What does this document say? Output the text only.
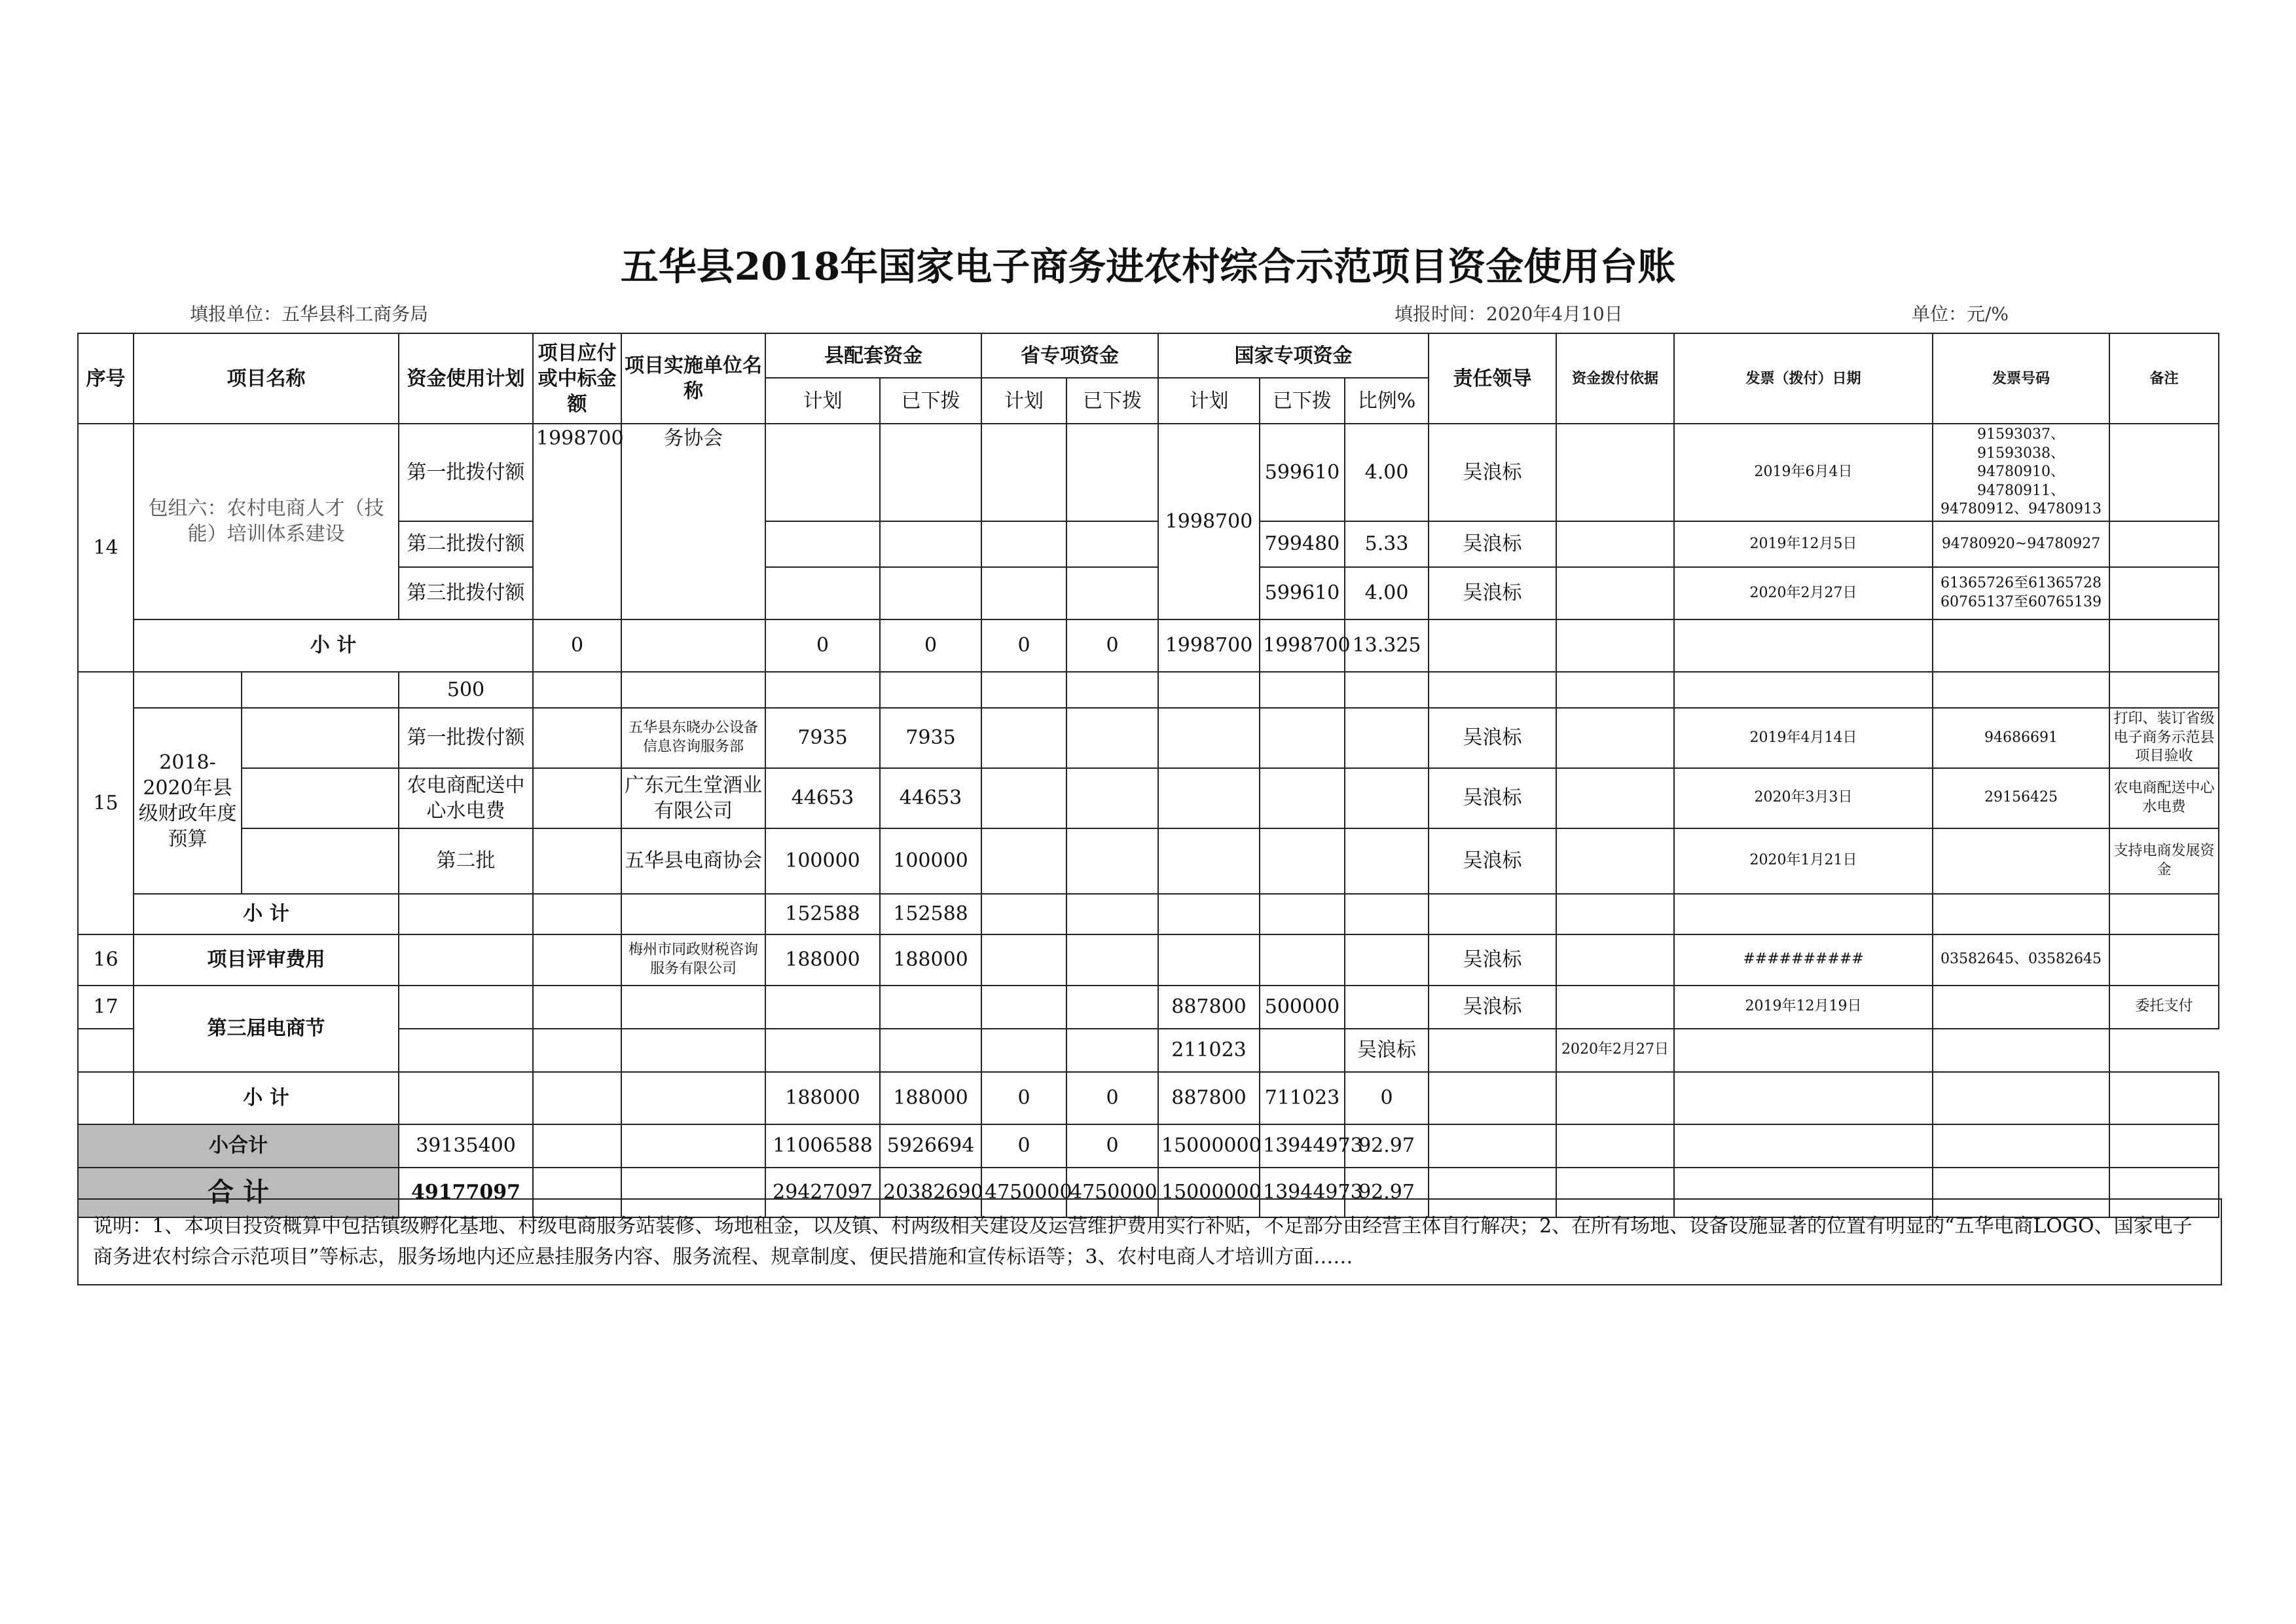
五华县2018年国家电子商务进农村综合示范项目资金使用台账
填报单位：五华县科工商务局	填报时间：2020年4月10日	单位：元/%
序号	项目名称		资金使用计划	项目应付或中标金额	项目实施单位名称	县配套资金		省专项资金		国家专项资金			责任领导	资金拨付依据	发票（拨付）日期	发票号码	备注
						计划	已下拨	计划	已下拨	计划	已下拨	比例%					
14	包组六：农村电商人才（技能）培训体系建设		第一批拨付额	1998700	务协会					1998700	599610	4.00	吴浪标		2019年6月4日	91593037、91593038、94780910、94780911、94780912、94780913	
			第二批拨付额								799480	5.33	吴浪标		2019年12月5日	94780920~94780927	
			第三批拨付额								599610	4.00	吴浪标		2020年2月27日	61365726至61365728 60765137至60765139	
	小 计			0		0	0	0	0	1998700	1998700	13.325					
15			500														
	2018-2020年县级财政年度预算		第一批拨付额		五华县东晓办公设备信息咨询服务部	7935	7935						吴浪标		2019年4月14日	94686691	打印、装订省级电子商务示范县项目验收
			农电商配送中心水电费		广东元生堂酒业有限公司	44653	44653						吴浪标		2020年3月3日	29156425	农电商配送中心水电费
			第二批		五华县电商协会	100000	100000						吴浪标		2020年1月21日		支持电商发展资金
	小 计					152588	152588										
16	项目评审费用				梅州市同政财税咨询服务有限公司	188000	188000						吴浪标		##########	03582645、03582645	
17	第三届电商节									887800	500000		吴浪标		2019年12月19日		委托支付
										211023		吴浪标		2020年2月27日			
	小 计					188000	188000	0	0	887800	711023	0					
小合计			39135400			11006588	5926694	0	0	15000000	13944973	92.97					
合 计			49177097			29427097	20382690	4750000	4750000	15000000	13944973	92.97					
说明：1、本项目投资概算中包括镇级孵化基地、村级电商服务站装修、场地租金，以及镇、村两级相关建设及运营维护费用实行补贴，不足部分由经营主体自行解决；2、在所有场地、设备设施显著的位置有明显的“五华电商LOGO、国家电子商务进农村综合示范项目”等标志，服务场地内还应悬挂服务内容、服务流程、规章制度、便民措施和宣传标语等；3、农村电商人才培训方面……
